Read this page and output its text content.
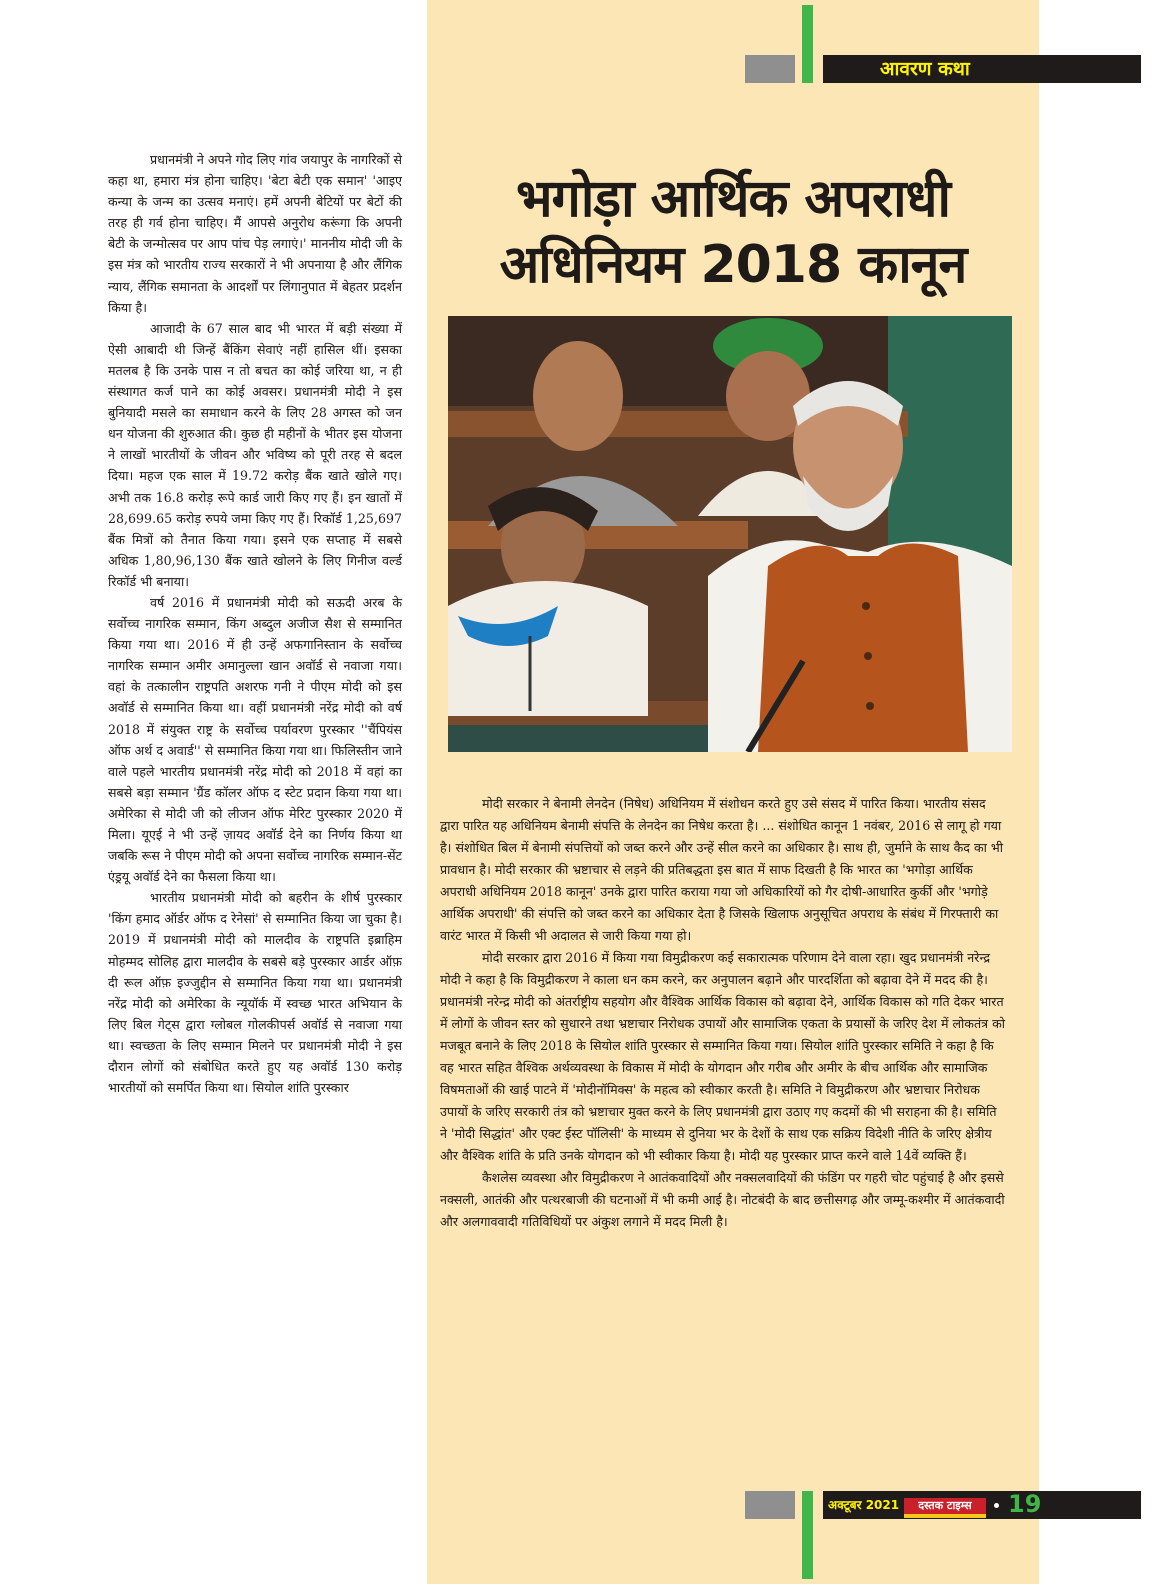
आवरण कथा

प्रधानमंत्री ने अपने गोद लिए गांव जयापुर के नागरिकों से कहा था, हमारा मंत्र होना चाहिए। 'बेटा बेटी एक समान' 'आइए कन्या के जन्म का उत्सव मनाएं। हमें अपनी बेटियों पर बेटों की तरह ही गर्व होना चाहिए। मैं आपसे अनुरोध करूंगा कि अपनी बेटी के जन्मोत्सव पर आप पांच पेड़ लगाएं।' माननीय मोदी जी के इस मंत्र को भारतीय राज्य सरकारों ने भी अपनाया है और लैंगिक न्याय, लैंगिक समानता के आदर्शों पर लिंगानुपात में बेहतर प्रदर्शन किया है।

आजादी के 67 साल बाद भी भारत में बड़ी संख्या में ऐसी आबादी थी जिन्हें बैंकिंग सेवाएं नहीं हासिल थीं। इसका मतलब है कि उनके पास न तो बचत का कोई जरिया था, न ही संस्थागत कर्ज पाने का कोई अवसर। प्रधानमंत्री मोदी ने इस बुनियादी मसले का समाधान करने के लिए 28 अगस्त को जन धन योजना की शुरुआत की। कुछ ही महीनों के भीतर इस योजना ने लाखों भारतीयों के जीवन और भविष्य को पूरी तरह से बदल दिया। महज एक साल में 19.72 करोड़ बैंक खाते खोले गए। अभी तक 16.8 करोड़ रूपे कार्ड जारी किए गए हैं। इन खातों में 28,699.65 करोड़ रुपये जमा किए गए हैं। रिकॉर्ड 1,25,697 बैंक मित्रों को तैनात किया गया। इसने एक सप्ताह में सबसे अधिक 1,80,96,130 बैंक खाते खोलने के लिए गिनीज वर्ल्ड रिकॉर्ड भी बनाया।

वर्ष 2016 में प्रधानमंत्री मोदी को सऊदी अरब के सर्वोच्च नागरिक सम्मान, किंग अब्दुल अजीज सैश से सम्मानित किया गया था। 2016 में ही उन्हें अफगानिस्तान के सर्वोच्च नागरिक सम्मान अमीर अमानुल्ला खान अवॉर्ड से नवाजा गया। वहां के तत्कालीन राष्ट्रपति अशरफ गनी ने पीएम मोदी को इस अवॉर्ड से सम्मानित किया था। वहीं प्रधानमंत्री नरेंद्र मोदी को वर्ष 2018 में संयुक्त राष्ट्र के सर्वोच्च पर्यावरण पुरस्कार ''चैंपियंस ऑफ अर्थ द अवार्ड'' से सम्मानित किया गया था। फिलिस्तीन जाने वाले पहले भारतीय प्रधानमंत्री नरेंद्र मोदी को 2018 में वहां का सबसे बड़ा सम्मान 'ग्रैंड कॉलर ऑफ द स्टेट प्रदान किया गया था। अमेरिका से मोदी जी को लीजन ऑफ मेरिट पुरस्कार 2020 में मिला। यूएई ने भी उन्हें ज़ायद अवॉर्ड देने का निर्णय किया था जबकि रूस ने पीएम मोदी को अपना सर्वोच्च नागरिक सम्मान-सेंट एंड्रयू अवॉर्ड देने का फैसला किया था।

भारतीय प्रधानमंत्री मोदी को बहरीन के शीर्ष पुरस्कार 'किंग हमाद ऑर्डर ऑफ द रेनेसां' से सम्मानित किया जा चुका है। 2019 में प्रधानमंत्री मोदी को मालदीव के राष्ट्रपति इब्राहिम मोहम्मद सोलिह द्वारा मालदीव के सबसे बड़े पुरस्कार आर्डर ऑफ़ दी रूल ऑफ़ इज्जुद्दीन से सम्मानित किया गया था। प्रधानमंत्री नरेंद्र मोदी को अमेरिका के न्यूयॉर्क में स्वच्छ भारत अभियान के लिए बिल गेट्स द्वारा ग्लोबल गोलकीपर्स अवॉर्ड से नवाजा गया था। स्वच्छता के लिए सम्मान मिलने पर प्रधानमंत्री मोदी ने इस दौरान लोगों को संबोधित करते हुए यह अवॉर्ड 130 करोड़ भारतीयों को समर्पित किया था। सियोल शांति पुरस्कार

भगोड़ा आर्थिक अपराधी
अधिनियम 2018 कानून

मोदी सरकार ने बेनामी लेनदेन (निषेध) अधिनियम में संशोधन करते हुए उसे संसद में पारित किया। भारतीय संसद द्वारा पारित यह अधिनियम बेनामी संपत्ति के लेनदेन का निषेध करता है। ... संशोधित कानून 1 नवंबर, 2016 से लागू हो गया है। संशोधित बिल में बेनामी संपत्तियों को जब्त करने और उन्हें सील करने का अधिकार है। साथ ही, जुर्माने के साथ कैद का भी प्रावधान है। मोदी सरकार की भ्रष्टाचार से लड़ने की प्रतिबद्धता इस बात में साफ दिखती है कि भारत का 'भगोड़ा आर्थिक अपराधी अधिनियम 2018 कानून' उनके द्वारा पारित कराया गया जो अधिकारियों को गैर दोषी-आधारित कुर्की और 'भगोड़े आर्थिक अपराधी' की संपत्ति को जब्त करने का अधिकार देता है जिसके खिलाफ अनुसूचित अपराध के संबंध में गिरफ्तारी का वारंट भारत में किसी भी अदालत से जारी किया गया हो।

मोदी सरकार द्वारा 2016 में किया गया विमुद्रीकरण कई सकारात्मक परिणाम देने वाला रहा। खुद प्रधानमंत्री नरेन्द्र मोदी ने कहा है कि विमुद्रीकरण ने काला धन कम करने, कर अनुपालन बढ़ाने और पारदर्शिता को बढ़ावा देने में मदद की है। प्रधानमंत्री नरेन्द्र मोदी को अंतर्राष्ट्रीय सहयोग और वैश्विक आर्थिक विकास को बढ़ावा देने, आर्थिक विकास को गति देकर भारत में लोगों के जीवन स्तर को सुधारने तथा भ्रष्टाचार निरोधक उपायों और सामाजिक एकता के प्रयासों के जरिए देश में लोकतंत्र को मजबूत बनाने के लिए 2018 के सियोल शांति पुरस्कार से सम्मानित किया गया। सियोल शांति पुरस्कार समिति ने कहा है कि वह भारत सहित वैश्विक अर्थव्यवस्था के विकास में मोदी के योगदान और गरीब और अमीर के बीच आर्थिक और सामाजिक विषमताओं की खाई पाटने में 'मोदीनॉमिक्स' के महत्व को स्वीकार करती है। समिति ने विमुद्रीकरण और भ्रष्टाचार निरोधक उपायों के जरिए सरकारी तंत्र को भ्रष्टाचार मुक्त करने के लिए प्रधानमंत्री द्वारा उठाए गए कदमों की भी सराहना की है। समिति ने 'मोदी सिद्धांत' और एक्ट ईस्ट पॉलिसी' के माध्यम से दुनिया भर के देशों के साथ एक सक्रिय विदेशी नीति के जरिए क्षेत्रीय और वैश्विक शांति के प्रति उनके योगदान को भी स्वीकार किया है। मोदी यह पुरस्कार प्राप्त करने वाले 14वें व्यक्ति हैं।

कैशलेस व्यवस्था और विमुद्रीकरण ने आतंकवादियों और नक्सलवादियों की फंडिंग पर गहरी चोट पहुंचाई है और इससे नक्सली, आतंकी और पत्थरबाजी की घटनाओं में भी कमी आई है। नोटबंदी के बाद छत्तीसगढ़ और जम्मू-कश्मीर में आतंकवादी और अलगाववादी गतिविधियों पर अंकुश लगाने में मदद मिली है।

अक्टूबर 2021	दस्तक टाइम्स	19
